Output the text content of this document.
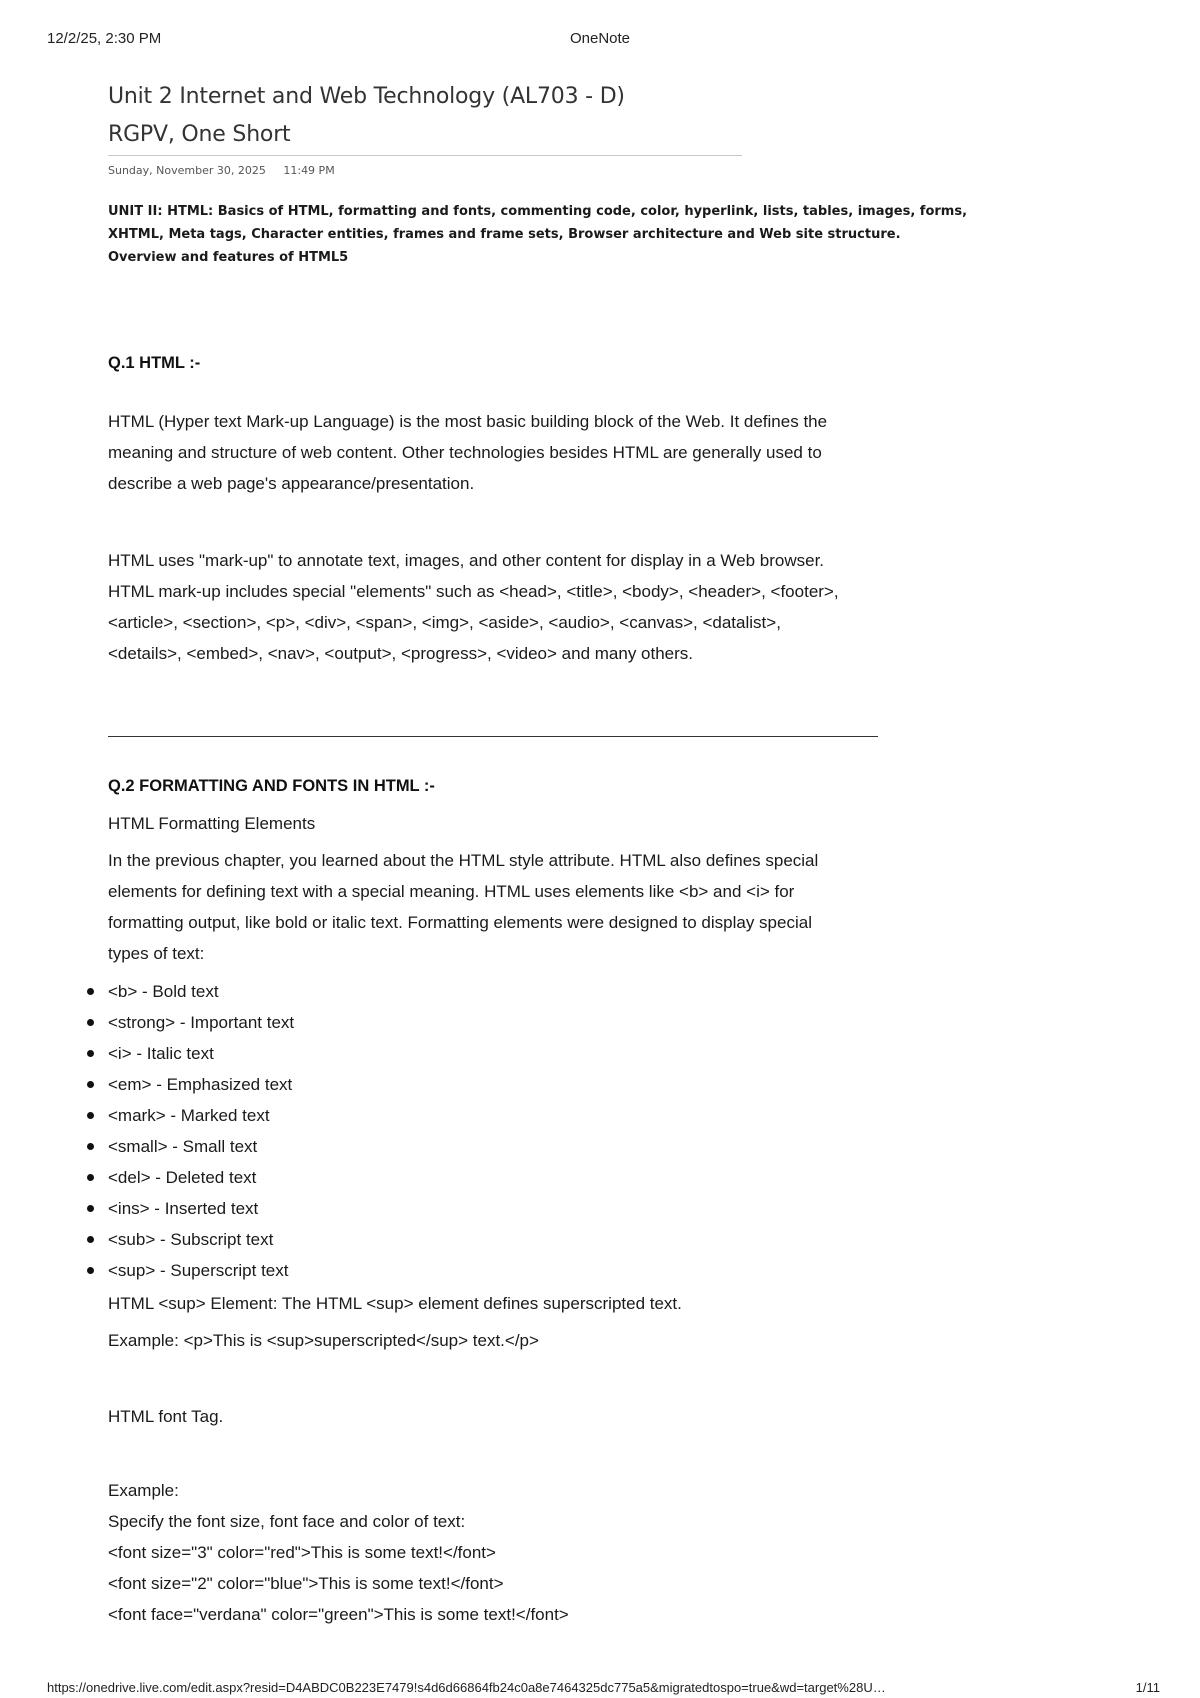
12/2/25, 2:30 PM	OneNote
Unit 2 Internet and Web Technology (AL703 - D)
RGPV, One Short
Sunday, November 30, 2025 11:49 PM
UNIT II: HTML: Basics of HTML, formatting and fonts, commenting code, color, hyperlink, lists, tables, images, forms, XHTML, Meta tags, Character entities, frames and frame sets, Browser architecture and Web site structure. Overview and features of HTML5
Q.1 HTML :-
HTML (Hyper text Mark-up Language) is the most basic building block of the Web. It defines the
meaning and structure of web content. Other technologies besides HTML are generally used to
describe a web page's appearance/presentation.
HTML uses "mark-up" to annotate text, images, and other content for display in a Web browser.
HTML mark-up includes special "elements" such as <head>, <title>, <body>, <header>, <footer>,
<article>, <section>, <p>, <div>, <span>, <img>, <aside>, <audio>, <canvas>, <datalist>,
<details>, <embed>, <nav>, <output>, <progress>, <video> and many others.
Q.2 FORMATTING AND FONTS IN HTML :-
HTML Formatting Elements
In the previous chapter, you learned about the HTML style attribute. HTML also defines special
elements for defining text with a special meaning. HTML uses elements like <b> and <i> for
formatting output, like bold or italic text. Formatting elements were designed to display special
types of text:
<b> - Bold text
<strong> - Important text
<i> - Italic text
<em> - Emphasized text
<mark> - Marked text
<small> - Small text
<del> - Deleted text
<ins> - Inserted text
<sub> - Subscript text
<sup> - Superscript text
HTML <sup> Element: The HTML <sup> element defines superscripted text.
Example: <p>This is <sup>superscripted</sup> text.</p>
HTML font Tag.
Example:
Specify the font size, font face and color of text:
<font size="3" color="red">This is some text!</font>
<font size="2" color="blue">This is some text!</font>
<font face="verdana" color="green">This is some text!</font>
https://onedrive.live.com/edit.aspx?resid=D4ABDC0B223E7479!s4d6d66864fb24c0a8e7464325dc775a5&migratedtospo=true&wd=target%28U…	1/11
